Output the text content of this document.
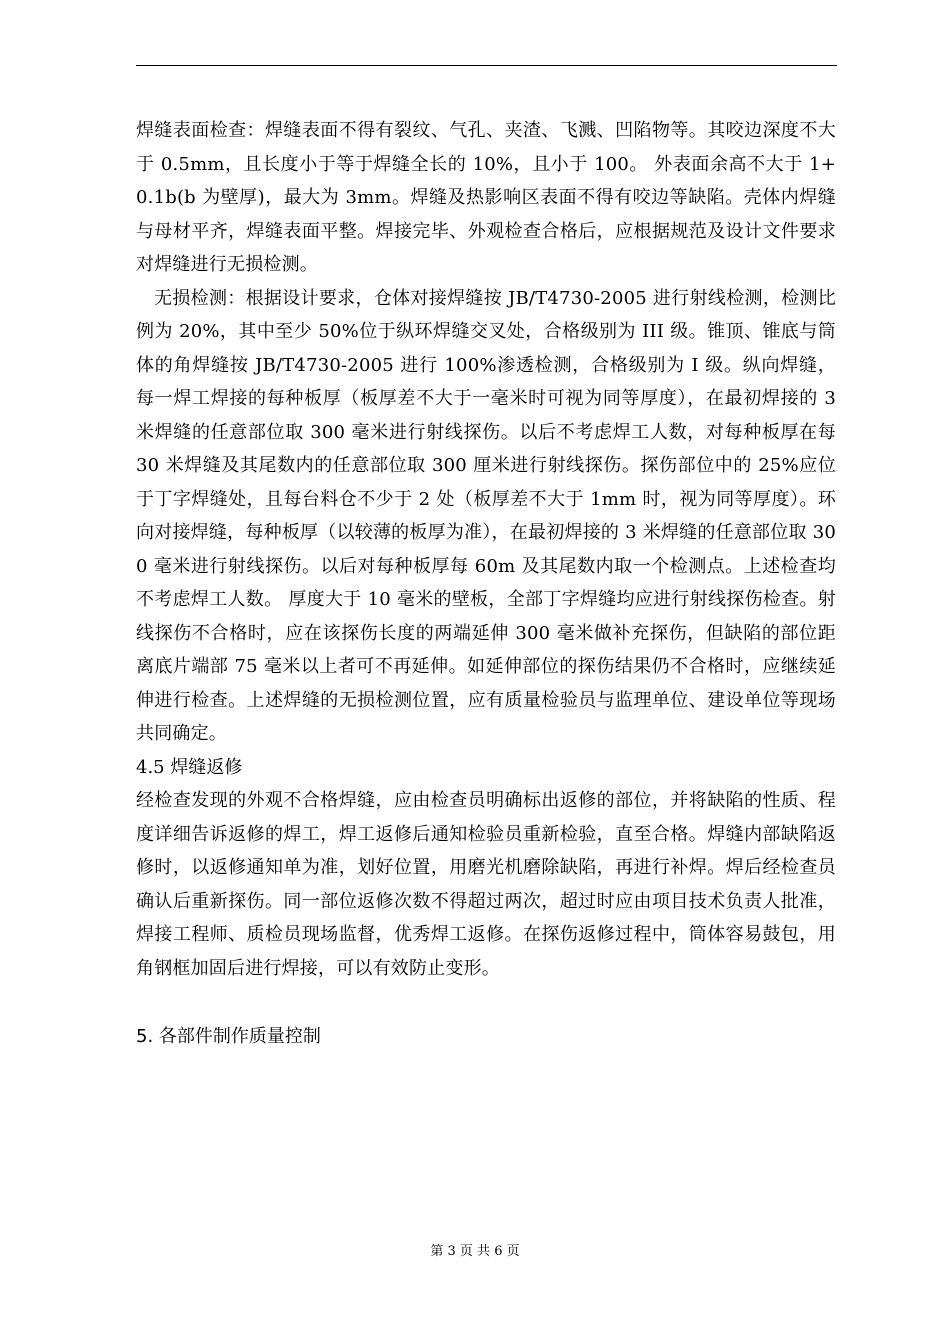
焊缝表面检查：焊缝表面不得有裂纹、气孔、夹渣、飞溅、凹陷物等。其咬边深度不大于 0.5mm，且长度小于等于焊缝全长的 10%，且小于 100。 外表面余高不大于 1+0.1b(b 为壁厚)，最大为 3mm。焊缝及热影响区表面不得有咬边等缺陷。壳体内焊缝与母材平齐，焊缝表面平整。焊接完毕、外观检查合格后，应根据规范及设计文件要求对焊缝进行无损检测。

无损检测：根据设计要求，仓体对接焊缝按 JB/T4730-2005 进行射线检测，检测比例为 20%，其中至少 50%位于纵环焊缝交叉处，合格级别为 III 级。锥顶、锥底与筒体的角焊缝按 JB/T4730-2005 进行 100%渗透检测，合格级别为 I 级。纵向焊缝，每一焊工焊接的每种板厚（板厚差不大于一毫米时可视为同等厚度），在最初焊接的 3 米焊缝的任意部位取 300 毫米进行射线探伤。以后不考虑焊工人数，对每种板厚在每 30 米焊缝及其尾数内的任意部位取 300 厘米进行射线探伤。探伤部位中的 25%应位于丁字焊缝处，且每台料仓不少于 2 处（板厚差不大于 1mm 时，视为同等厚度）。环向对接焊缝，每种板厚（以较薄的板厚为准），在最初焊接的 3 米焊缝的任意部位取 300 毫米进行射线探伤。以后对每种板厚每 60m 及其尾数内取一个检测点。上述检查均不考虑焊工人数。 厚度大于 10 毫米的壁板，全部丁字焊缝均应进行射线探伤检查。射线探伤不合格时，应在该探伤长度的两端延伸 300 毫米做补充探伤，但缺陷的部位距离底片端部 75 毫米以上者可不再延伸。如延伸部位的探伤结果仍不合格时，应继续延伸进行检查。上述焊缝的无损检测位置，应有质量检验员与监理单位、建设单位等现场共同确定。

4.5 焊缝返修

经检查发现的外观不合格焊缝，应由检查员明确标出返修的部位，并将缺陷的性质、程度详细告诉返修的焊工，焊工返修后通知检验员重新检验，直至合格。焊缝内部缺陷返修时，以返修通知单为准，划好位置，用磨光机磨除缺陷，再进行补焊。焊后经检查员确认后重新探伤。同一部位返修次数不得超过两次，超过时应由项目技术负责人批准，焊接工程师、质检员现场监督，优秀焊工返修。在探伤返修过程中，筒体容易鼓包，用角钢框加固后进行焊接，可以有效防止变形。

5. 各部件制作质量控制

第 3 页 共 6 页
